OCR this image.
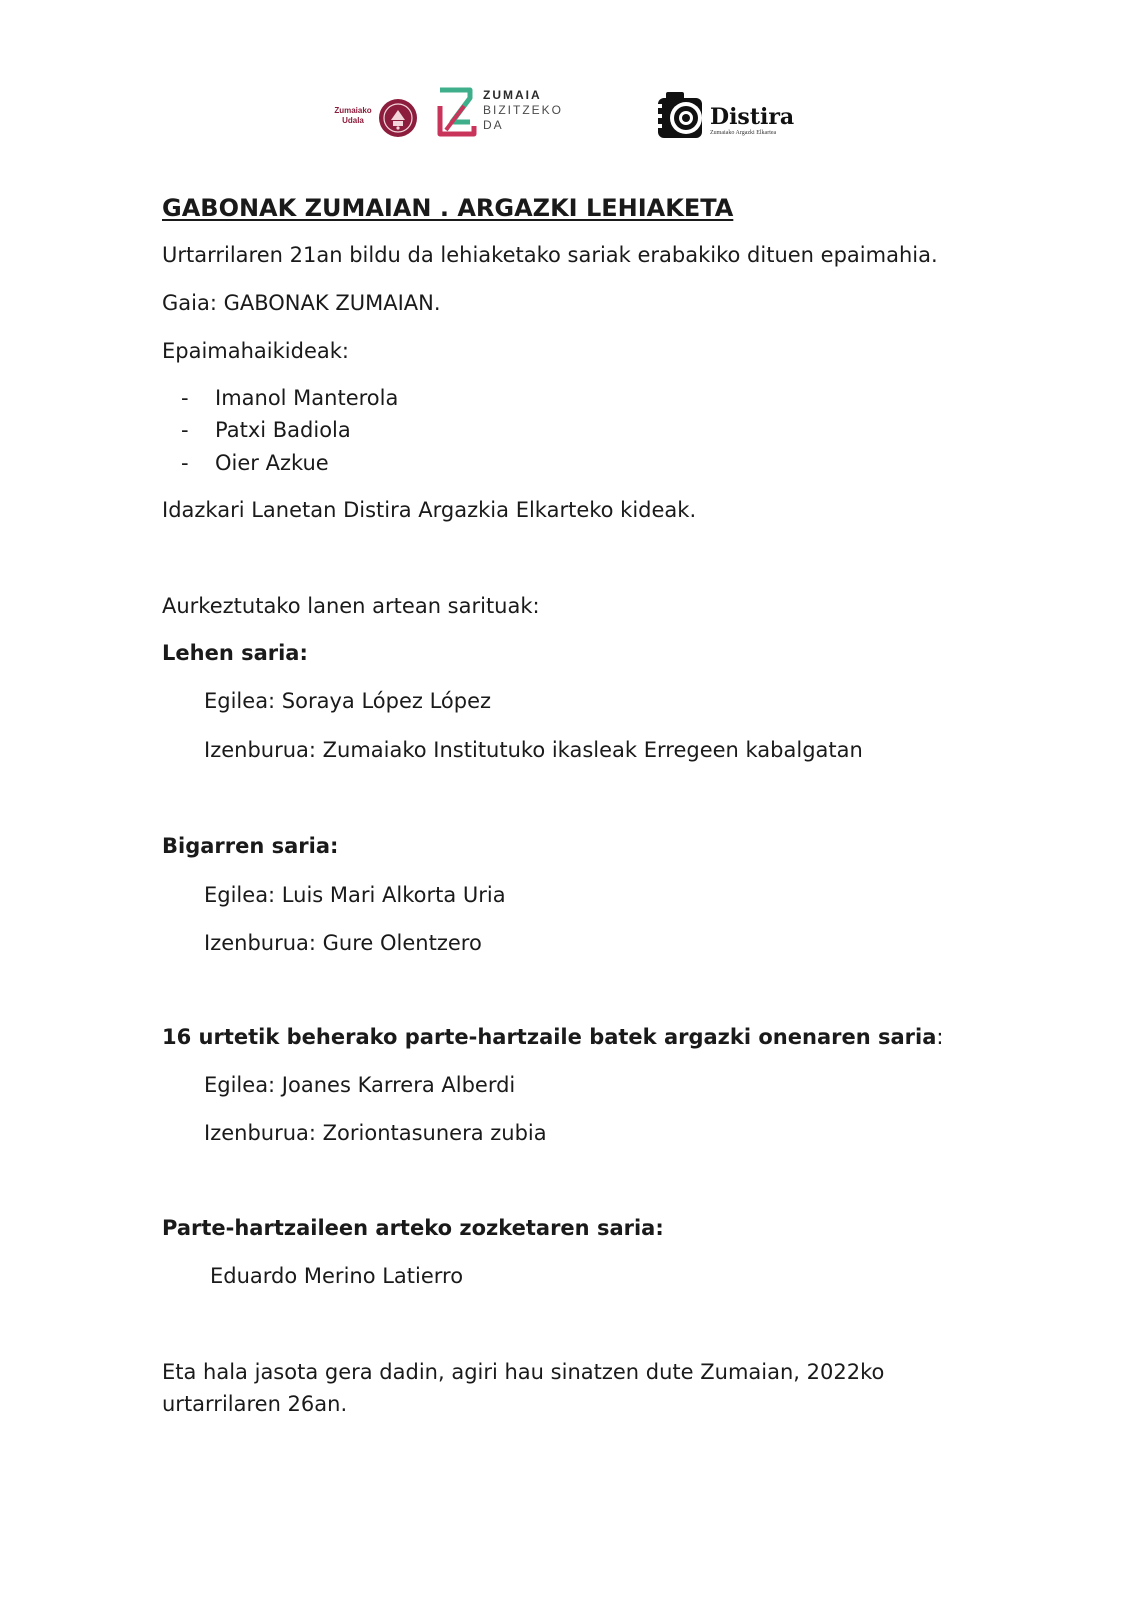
Zumaiako
Udala
ZUMAIA
BIZITZEKO
DA	Distira
Zumaiako Argazki Elkartea
GABONAK ZUMAIAN . ARGAZKI LEHIAKETA
Urtarrilaren 21an bildu da lehiaketako sariak erabakiko dituen epaimahia.
Gaia: GABONAK ZUMAIAN.
Epaimahaikideak:
- Imanol Manterola
- Patxi Badiola
- Oier Azkue
Idazkari Lanetan Distira Argazkia Elkarteko kideak.
Aurkeztutako lanen artean sarituak:
Lehen saria:
Egilea: Soraya López López
Izenburua: Zumaiako Institutuko ikasleak Erregeen kabalgatan
Bigarren saria:
Egilea: Luis Mari Alkorta Uria
Izenburua: Gure Olentzero
16 urtetik beherako parte-hartzaile batek argazki onenaren saria:
Egilea: Joanes Karrera Alberdi
Izenburua: Zoriontasunera zubia
Parte-hartzaileen arteko zozketaren saria:
Eduardo Merino Latierro
Eta hala jasota gera dadin, agiri hau sinatzen dute Zumaian, 2022ko
urtarrilaren 26an.
